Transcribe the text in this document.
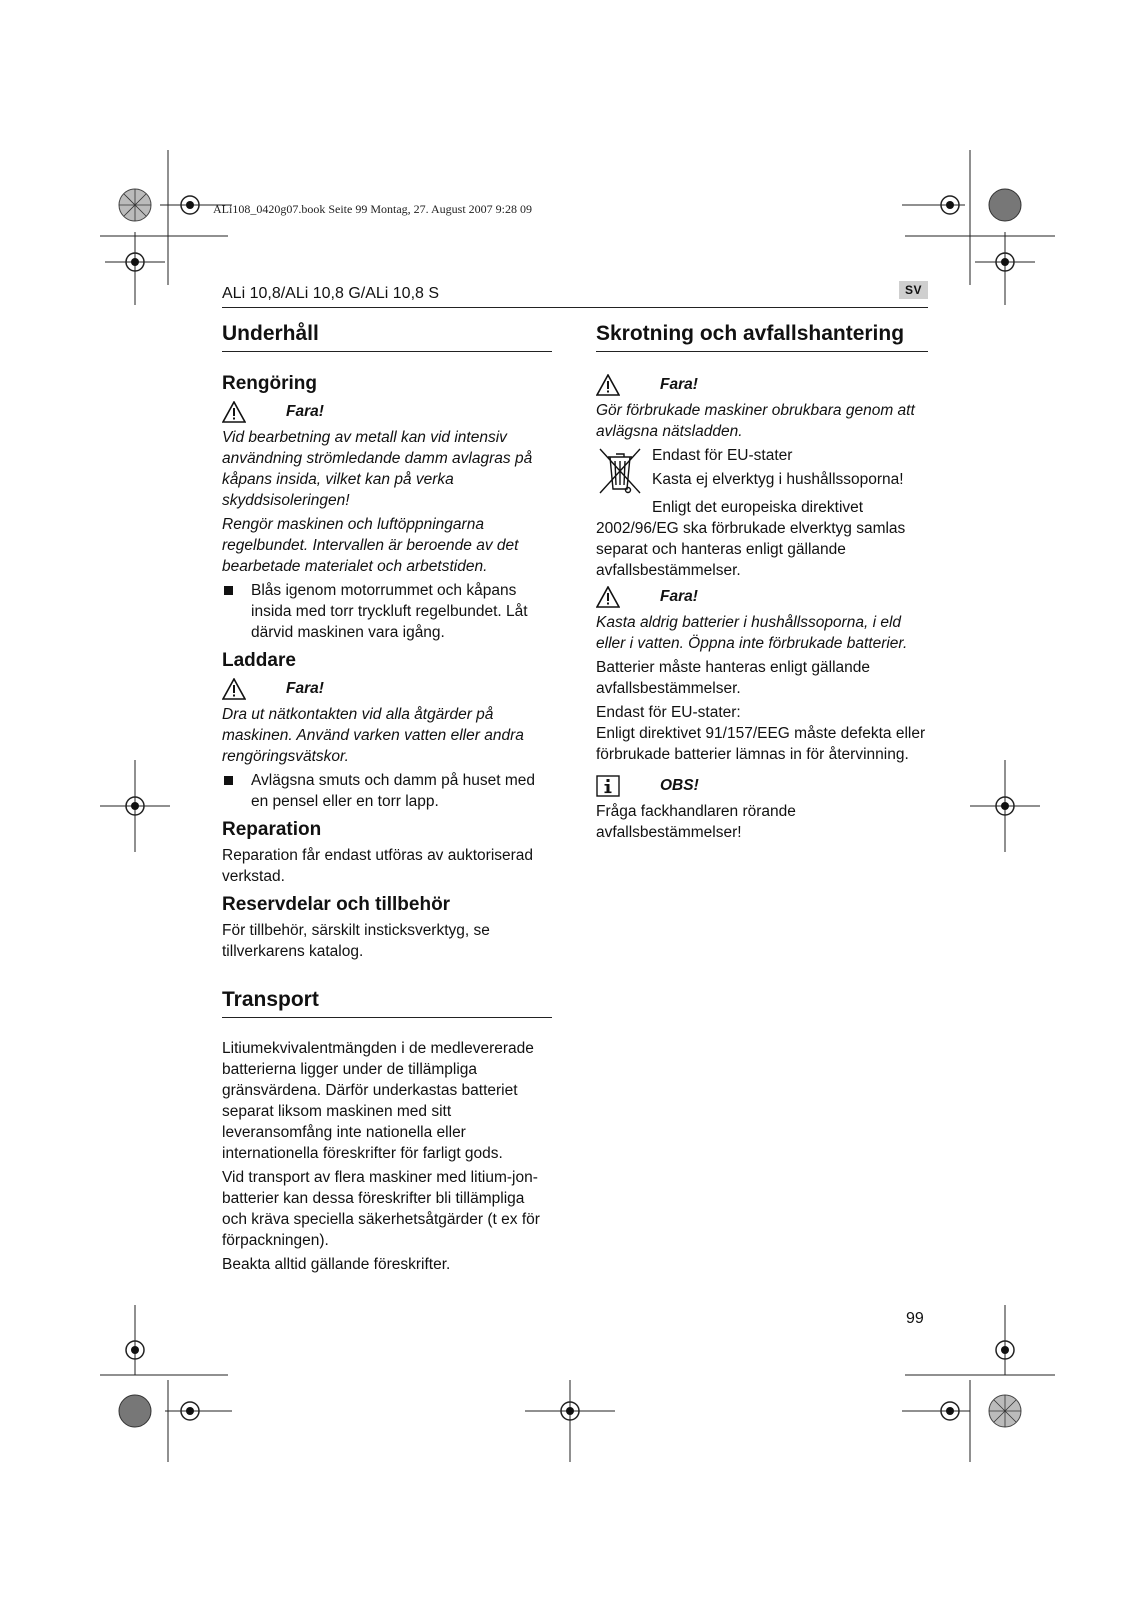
ALi108_0420g07.book Seite 99 Montag, 27. August 2007 9:28 09
ALi 10,8/ALi 10,8 G/ALi 10,8 S	SV
Underhåll
Rengöring
Fara!

Vid bearbetning av metall kan vid intensiv användning strömledande damm avlagras på kåpans insida, vilket kan på verka skyddsisoleringen!

Rengör maskinen och luftöppningarna regelbundet. Intervallen är beroende av det bearbetade materialet och arbetstiden.

Blås igenom motorrummet och kåpans insida med torr tryckluft regelbundet. Låt därvid maskinen vara igång.
Laddare
Fara!

Dra ut nätkontakten vid alla åtgärder på maskinen. Använd varken vatten eller andra rengöringsvätskor.

Avlägsna smuts och damm på huset med en pensel eller en torr lapp.
Reparation

Reparation får endast utföras av auktoriserad verkstad.

Reservdelar och tillbehör

För tillbehör, särskilt insticksverktyg, se tillverkarens katalog.

Transport

Litiumekvivalentmängden i de medlevererade batterierna ligger under de tillämpliga gränsvärdena. Därför underkastas batteriet separat liksom maskinen med sitt leveransomfång inte nationella eller internationella föreskrifter för farligt gods.

Vid transport av flera maskiner med litium-jon-batterier kan dessa föreskrifter bli tillämpliga och kräva speciella säkerhetsåtgärder (t ex för förpackningen).

Beakta alltid gällande föreskrifter.

Skrotning och avfallshantering
Fara!

Gör förbrukade maskiner obrukbara genom att avlägsna nätsladden.

Endast för EU-stater

Kasta ej elverktyg i hushållssoporna!

Enligt det europeiska direktivet 2002/96/EG ska förbrukade elverktyg samlas separat och hanteras enligt gällande avfallsbestämmelser.

Fara!

Kasta aldrig batterier i hushållssoporna, i eld eller i vatten. Öppna inte förbrukade batterier.

Batterier måste hanteras enligt gällande avfallsbestämmelser.

Endast för EU-stater:

Enligt direktivet 91/157/EEG måste defekta eller förbrukade batterier lämnas in för återvinning.

OBS!

Fråga fackhandlaren rörande avfallsbestämmelser!

99
